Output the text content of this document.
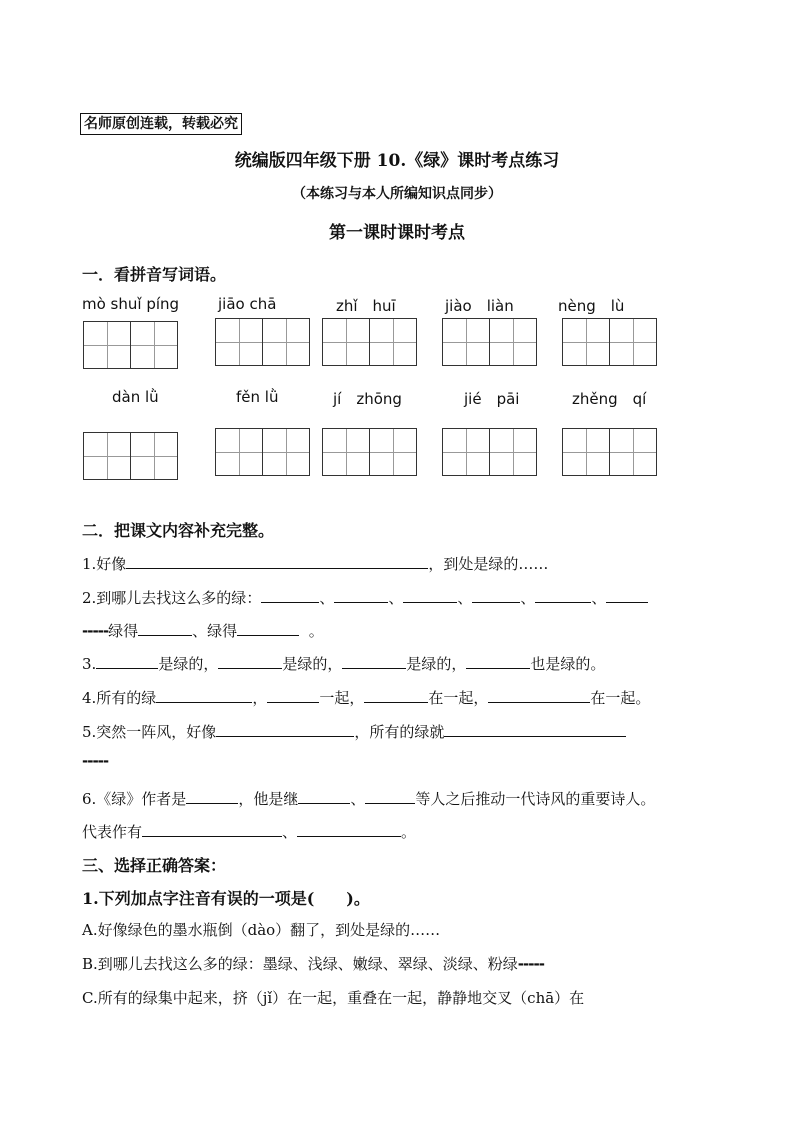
名师原创连载，转载必究
统编版四年级下册 10.《绿》课时考点练习
（本练习与本人所编知识点同步）
第一课时课时考点
一．看拼音写词语。
mò shuǐ píng	jiāo chā	zhǐ　huī	jiào　liàn	nèng　lù
dàn lǜ	fěn lǜ	jí　zhōng	jié　pāi	zhěng　qí
二．把课文内容补充完整。
1.好像	，到处是绿的……
2.到哪儿去找这么多的绿：	、	、	、	、	、
-----绿得	、绿得	。
3.	是绿的，	是绿的，	是绿的，	也是绿的。
4.所有的绿	，	一起，	在一起，	在一起。
5.突然一阵风，好像	，所有的绿就
-----
6.《绿》作者是	，他是继	、	等人之后推动一代诗风的重要诗人。
代表作有	、	。
三、选择正确答案：
1.下列加点字注音有误的一项是(　　)。
A.好像绿色的墨水瓶倒（dào）翻了，到处是绿的……
B.到哪儿去找这么多的绿：墨绿、浅绿、嫩绿、翠绿、淡绿、粉绿-----
C.所有的绿集中起来，挤（jǐ）在一起，重叠在一起，静静地交叉（chā）在
